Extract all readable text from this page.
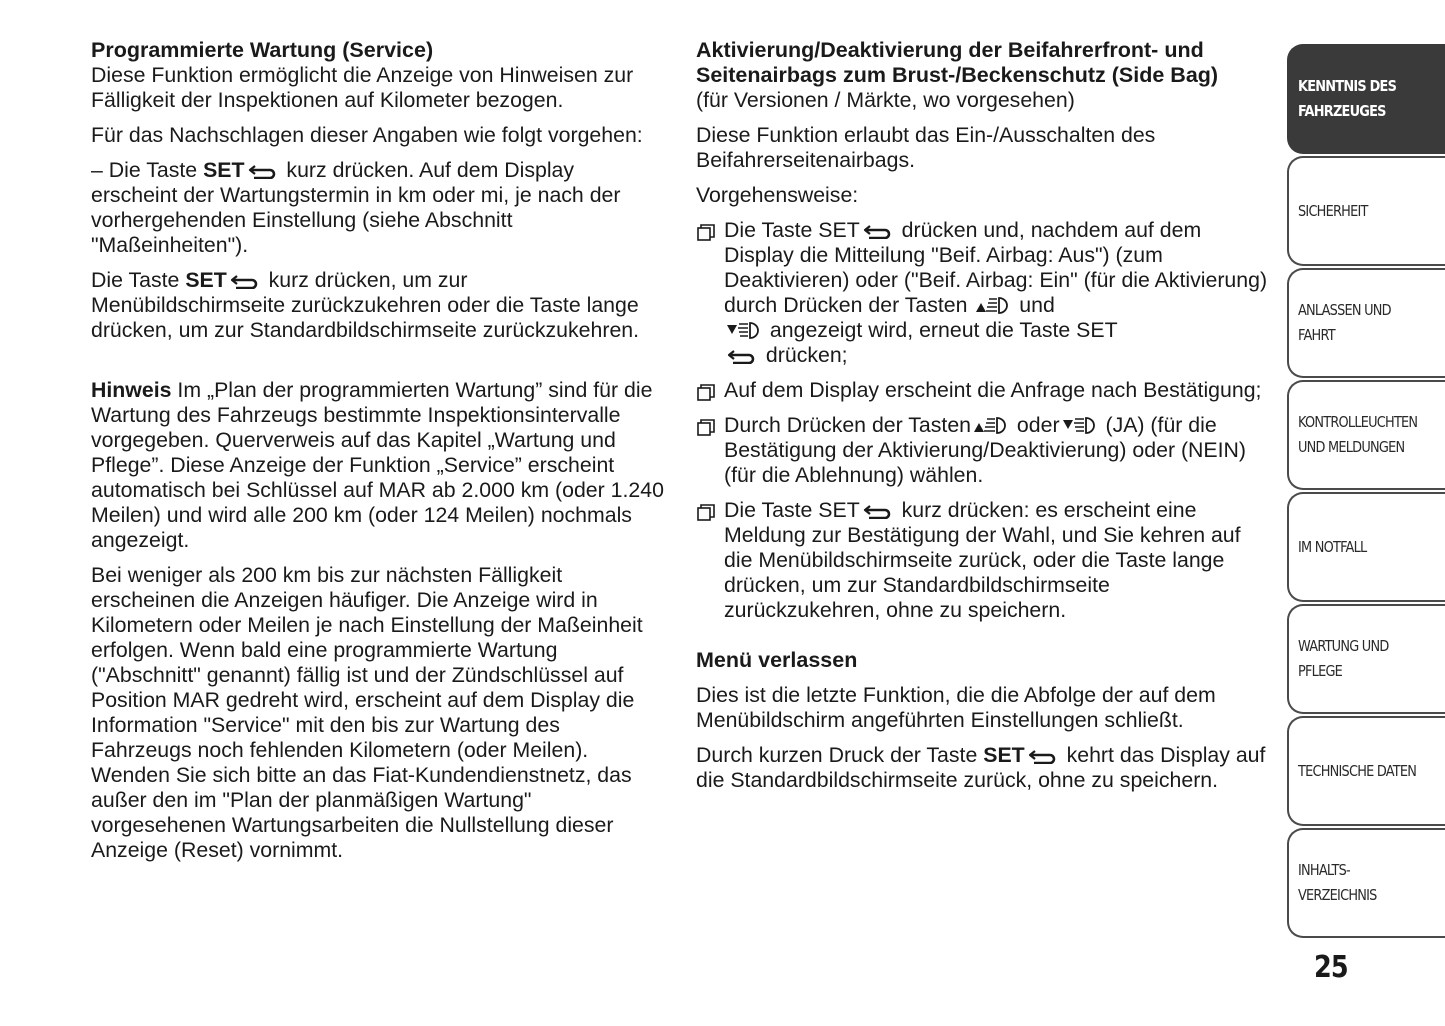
Programmierte Wartung (Service)

Diese Funktion ermöglicht die Anzeige von Hinweisen zur Fälligkeit der Inspektionen auf Kilometer bezogen.

Für das Nachschlagen dieser Angaben wie folgt vorgehen:

– Die Taste SET kurz drücken. Auf dem Display erscheint der Wartungstermin in km oder mi, je nach der vorhergehenden Einstellung (siehe Abschnitt "Maßeinheiten").

Die Taste SET kurz drücken, um zur Menübildschirmseite zurückzukehren oder die Taste lange drücken, um zur Standardbildschirmseite zurückzukehren.

Hinweis Im „Plan der programmierten Wartung” sind für die Wartung des Fahrzeugs bestimmte Inspektionsintervalle vorgegeben. Querverweis auf das Kapitel „Wartung und Pflege”. Diese Anzeige der Funktion „Service” erscheint automatisch bei Schlüssel auf MAR ab 2.000 km (oder 1.240 Meilen) und wird alle 200 km (oder 124 Meilen) nochmals angezeigt.

Bei weniger als 200 km bis zur nächsten Fälligkeit erscheinen die Anzeigen häufiger. Die Anzeige wird in Kilometern oder Meilen je nach Einstellung der Maßeinheit erfolgen. Wenn bald eine programmierte Wartung ("Abschnitt" genannt) fällig ist und der Zündschlüssel auf Position MAR gedreht wird, erscheint auf dem Display die Information "Service" mit den bis zur Wartung des Fahrzeugs noch fehlenden Kilometern (oder Meilen). Wenden Sie sich bitte an das Fiat-Kundendienstnetz, das außer den im "Plan der planmäßigen Wartung" vorgesehenen Wartungsarbeiten die Nullstellung dieser Anzeige (Reset) vornimmt.

Aktivierung/Deaktivierung der Beifahrerfront- und Seitenairbags zum Brust-/Beckenschutz (Side Bag)

(für Versionen / Märkte, wo vorgesehen)

Diese Funktion erlaubt das Ein-/Ausschalten des Beifahrerseitenairbags.

Vorgehensweise:

Die Taste SET drücken und, nachdem auf dem Display die Mitteilung "Beif. Airbag: Aus") (zum Deaktivieren) oder ("Beif. Airbag: Ein" (für die Aktivierung) durch Drücken der Tasten  und
angezeigt wird, erneut die Taste SET
drücken;
Auf dem Display erscheint die Anfrage nach Bestätigung;
Durch Drücken der Tasten oder (JA) (für die Bestätigung der Aktivierung/Deaktivierung) oder (NEIN) (für die Ablehnung) wählen.
Die Taste SET kurz drücken: es erscheint eine Meldung zur Bestätigung der Wahl, und Sie kehren auf die Menübildschirmseite zurück, oder die Taste lange drücken, um zur Standardbildschirmseite zurückzukehren, ohne zu speichern.
Menü verlassen

Dies ist die letzte Funktion, die die Abfolge der auf dem Menübildschirm angeführten Einstellungen schließt.

Durch kurzen Druck der Taste SET kehrt das Display auf die Standardbildschirmseite zurück, ohne zu speichern.

KENNTNIS DES
FAHRZEUGES
SICHERHEIT
ANLASSEN UND
FAHRT
KONTROLLEUCHTEN
UND MELDUNGEN
IM NOTFALL
WARTUNG UND
PFLEGE
TECHNISCHE DATEN
INHALTS-
VERZEICHNIS
25
